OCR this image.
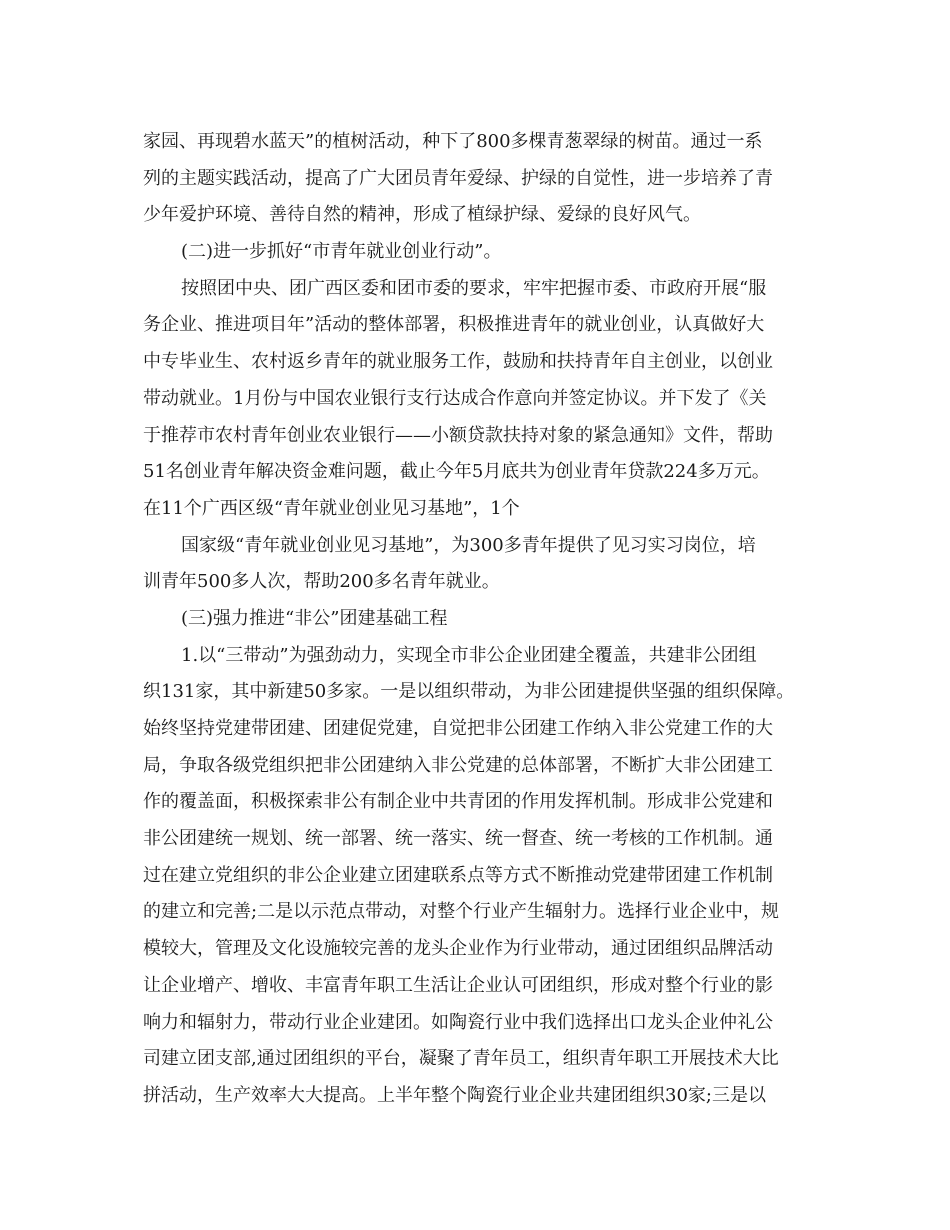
家园、再现碧水蓝天”的植树活动，种下了800多棵青葱翠绿的树苗。通过一系
列的主题实践活动，提高了广大团员青年爱绿、护绿的自觉性，进一步培养了青
少年爱护环境、善待自然的精神，形成了植绿护绿、爱绿的良好风气。
(二)进一步抓好“市青年就业创业行动”。
按照团中央、团广西区委和团市委的要求，牢牢把握市委、市政府开展“服
务企业、推进项目年”活动的整体部署，积极推进青年的就业创业，认真做好大
中专毕业生、农村返乡青年的就业服务工作，鼓励和扶持青年自主创业，以创业
带动就业。1月份与中国农业银行支行达成合作意向并签定协议。并下发了《关
于推荐市农村青年创业农业银行——小额贷款扶持对象的紧急通知》文件，帮助
51名创业青年解决资金难问题，截止今年5月底共为创业青年贷款224多万元。
在11个广西区级“青年就业创业见习基地”，1个
国家级“青年就业创业见习基地”，为300多青年提供了见习实习岗位，培
训青年500多人次，帮助200多名青年就业。
(三)强力推进“非公”团建基础工程
1.以“三带动”为强劲动力，实现全市非公企业团建全覆盖，共建非公团组
织131家，其中新建50多家。一是以组织带动，为非公团建提供坚强的组织保障。
始终坚持党建带团建、团建促党建，自觉把非公团建工作纳入非公党建工作的大
局，争取各级党组织把非公团建纳入非公党建的总体部署，不断扩大非公团建工
作的覆盖面，积极探索非公有制企业中共青团的作用发挥机制。形成非公党建和
非公团建统一规划、统一部署、统一落实、统一督查、统一考核的工作机制。通
过在建立党组织的非公企业建立团建联系点等方式不断推动党建带团建工作机制
的建立和完善;二是以示范点带动，对整个行业产生辐射力。选择行业企业中，规
模较大，管理及文化设施较完善的龙头企业作为行业带动，通过团组织品牌活动
让企业增产、增收、丰富青年职工生活让企业认可团组织，形成对整个行业的影
响力和辐射力，带动行业企业建团。如陶瓷行业中我们选择出口龙头企业仲礼公
司建立团支部,通过团组织的平台，凝聚了青年员工，组织青年职工开展技术大比
拼活动，生产效率大大提高。上半年整个陶瓷行业企业共建团组织30家;三是以
